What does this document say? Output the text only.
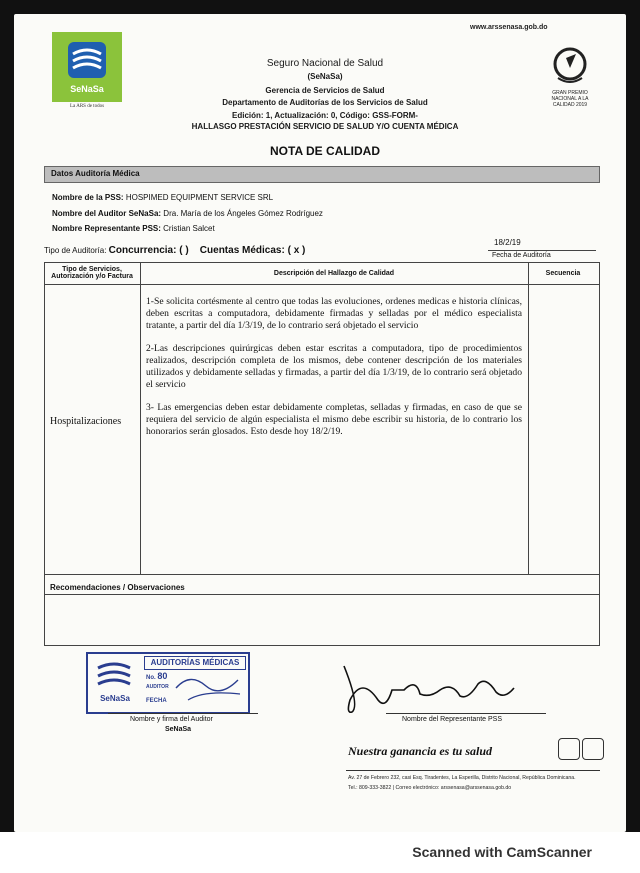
SeNaSa
La ARS de todos
www.arssenasa.gob.do
GRAN PREMIO
NACIONAL A LA
CALIDAD 2019
Seguro Nacional de Salud
(SeNaSa)
Gerencia de Servicios de Salud
Departamento de Auditorías de los Servicios de Salud
Edición: 1, Actualización: 0, Código: GSS-FORM-
HALLASGO PRESTACIÓN SERVICIO DE SALUD Y/O CUENTA MÉDICA
NOTA DE CALIDAD
Datos Auditoría Médica
Nombre de la PSS: HOSPIMED EQUIPMENT SERVICE SRL
Nombre del Auditor SeNaSa: Dra. María de los Ángeles Gómez Rodríguez
Nombre Representante PSS: Cristian Salcet
Tipo de Auditoría: Concurrencia: ( ) Cuentas Médicas: ( x )
18/2/19
Fecha de Auditoría
Tipo de Servicios, Autorización y/o Factura	Descripción del Hallazgo de Calidad	Secuencia
Hospitalizaciones

1-Se solicita cortésmente al centro que todas las evoluciones, ordenes medicas e historia clínicas, deben escritas a computadora, debidamente firmadas y selladas por el médico especialista tratante, a partir del día 1/3/19, de lo contrario será objetado el servicio

2-Las descripciones quirúrgicas deben estar escritas a computadora, tipo de procedimientos realizados, descripción completa de los mismos, debe contener descripción de los materiales utilizados y debidamente selladas y firmadas, a partir del día 1/3/19, de lo contrario será objetado el servicio

3- Las emergencias deben estar debidamente completas, selladas y firmadas, en caso de que se requiera del servicio de algún especialista el mismo debe escribir su historia, de lo contrario los honorarios serán glosados. Esto desde hoy 18/2/19.

Recomendaciones / Observaciones
SeNaSa
AUDITORÍAS MÉDICAS
No. 80
AUDITOR
FECHA
Nombre y firma del Auditor
SeNaSa
Nombre del Representante PSS
Nuestra ganancia es tu salud
Av. 27 de Febrero 232, casi Esq. Tiradentes, La Esperilla, Distrito Nacional, República Dominicana.
Tel.: 809-333-3822 | Correo electrónico: arssenasa@arssenasa.gob.do
Scanned with CamScanner
